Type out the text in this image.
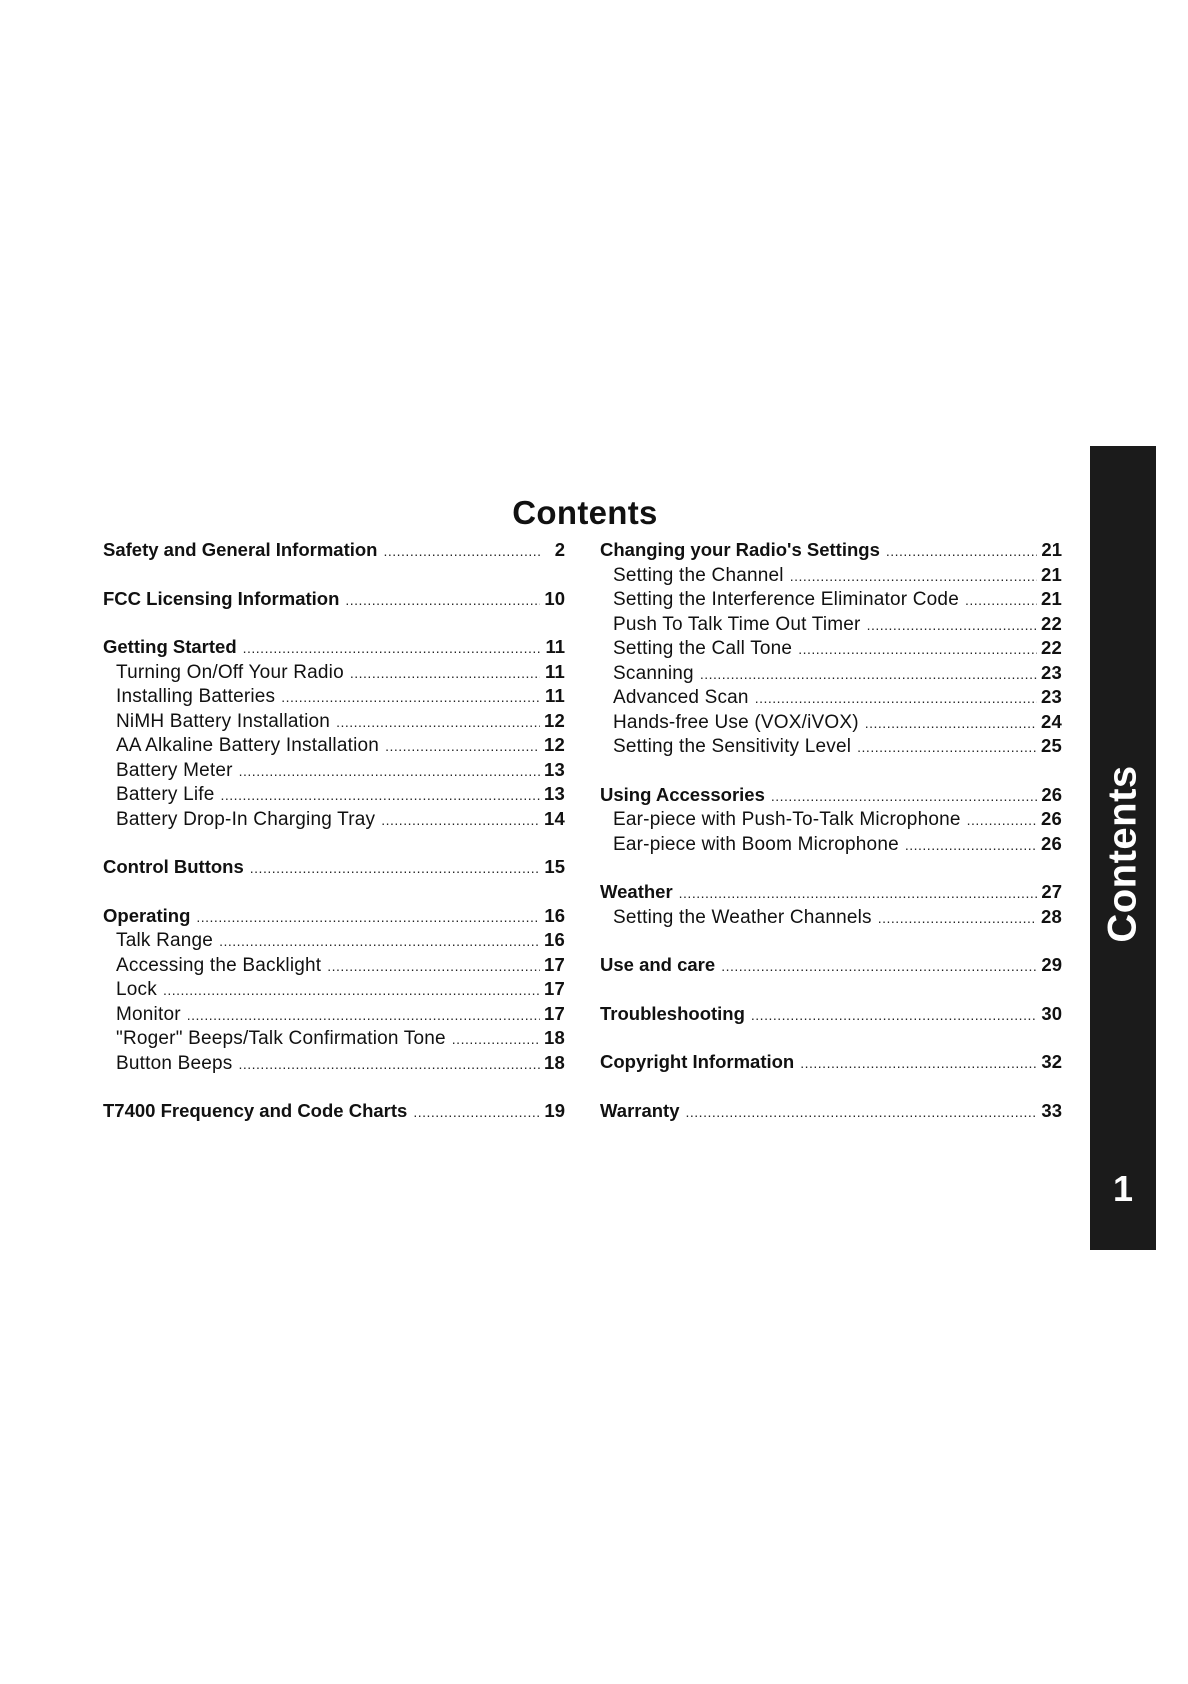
Contents
Safety and General Information .....	2
FCC Licensing Information .....	10
Getting Started .....	11
Turning On/Off Your Radio .....	11
Installing Batteries .....	11
NiMH Battery Installation .....	12
AA Alkaline Battery Installation .....	12
Battery Meter .....	13
Battery Life .....	13
Battery Drop-In Charging Tray .....	14
Control Buttons .....	15
Operating .....	16
Talk Range .....	16
Accessing the Backlight .....	17
Lock .....	17
Monitor .....	17
"Roger" Beeps/Talk Confirmation Tone .....	18
Button Beeps .....	18
T7400 Frequency and Code Charts .....	19
Changing your Radio's Settings .....	21
Setting the Channel .....	21
Setting the Interference Eliminator Code .....	21
Push To Talk Time Out Timer .....	22
Setting the Call Tone .....	22
Scanning .....	23
Advanced Scan .....	23
Hands-free Use (VOX/iVOX) .....	24
Setting the Sensitivity Level .....	25
Using Accessories .....	26
Ear-piece with Push-To-Talk Microphone .....	26
Ear-piece with Boom Microphone .....	26
Weather .....	27
Setting the Weather Channels .....	28
Use and care .....	29
Troubleshooting .....	30
Copyright Information .....	32
Warranty .....	33
Contents
1
